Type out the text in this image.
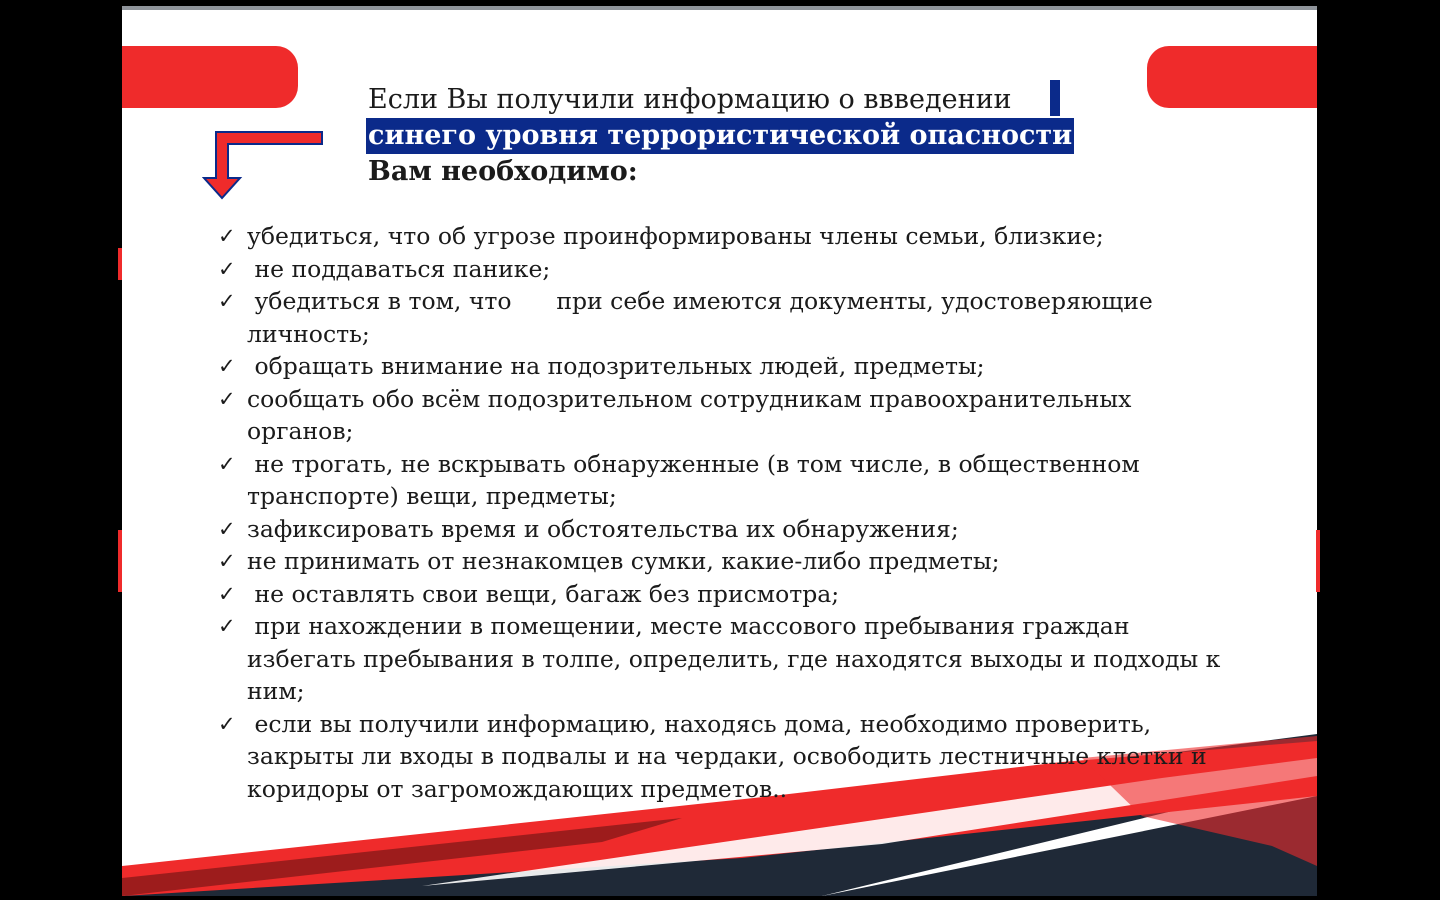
Если Вы получили информацию о вввeдении
синего уровня террористической опасности
Вам необходимо:
✓ убедиться, что об угрозе проинформированы члены семьи, близкие;
✓ не поддаваться панике;
✓ убедиться в том, что      при себе имеются документы, удостоверяющие личность;
✓ обращать внимание на подозрительных людей, предметы;
✓ сообщать обо всём подозрительном сотрудникам правоохранительных органов;
✓ не трогать, не вскрывать обнаруженные (в том числе, в общественном транспорте) вещи, предметы;
✓ зафиксировать время и обстоятельства их обнаружения;
✓ не принимать от незнакомцев сумки, какие-либо предметы;
✓ не оставлять свои вещи, багаж без присмотра;
✓ при нахождении в помещении, месте массового пребывания граждан избегать пребывания в толпе, определить, где находятся выходы и подходы к ним;
✓ если вы получили информацию, находясь дома, необходимо проверить, закрыты ли входы в подвалы и на чердаки, освободить лестничные клетки и коридоры от загромождающих предметов..
